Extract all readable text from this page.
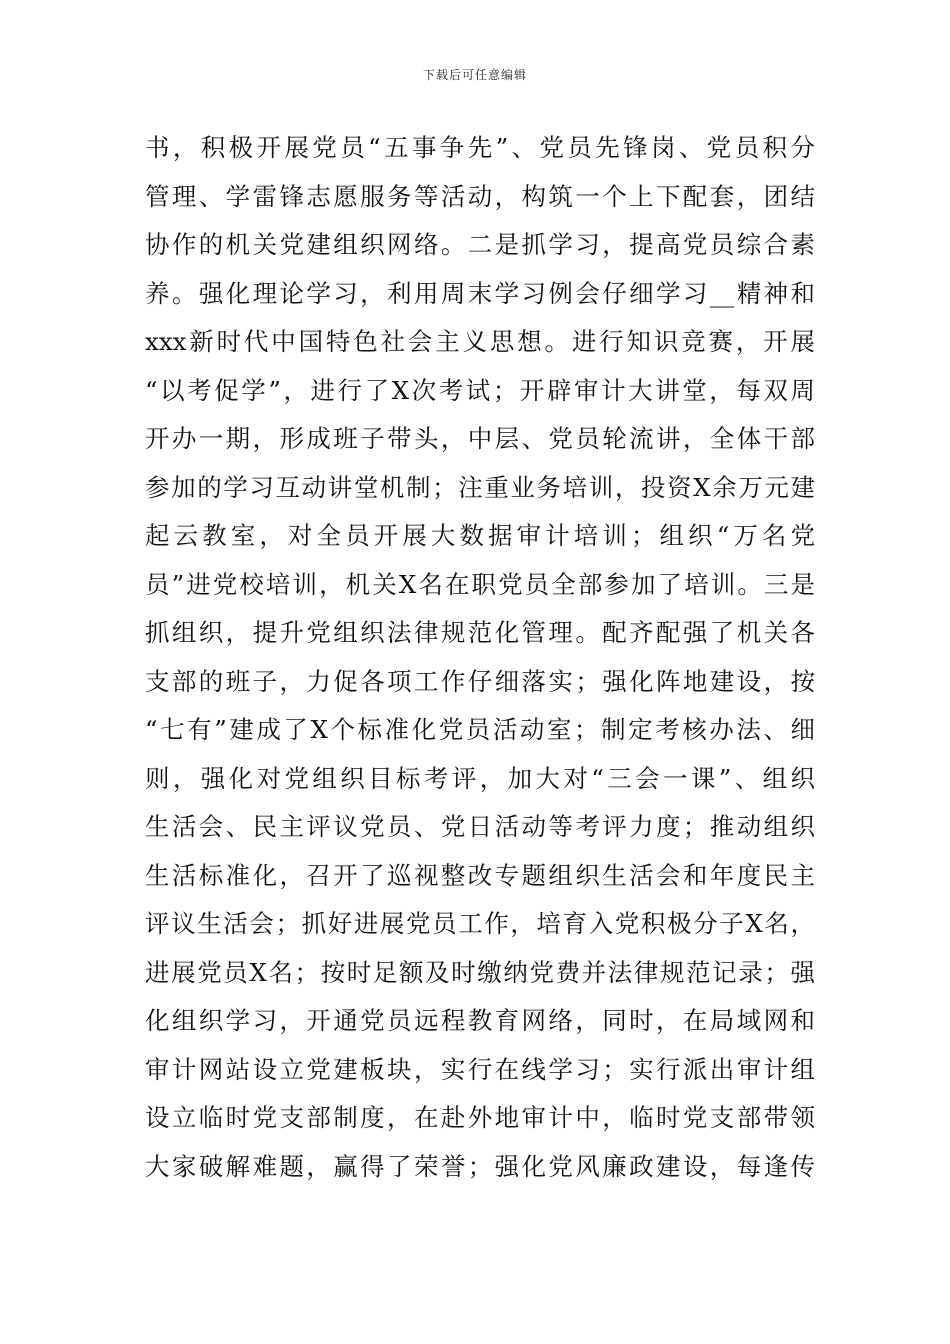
下载后可任意编辑
书，积极开展党员“五事争先”、党员先锋岗、党员积分
管理、学雷锋志愿服务等活动，构筑一个上下配套，团结
协作的机关党建组织网络。二是抓学习，提高党员综合素
养。强化理论学习，利用周末学习例会仔细学习__精神和
xxx新时代中国特色社会主义思想。进行知识竞赛，开展
“以考促学”，进行了X次考试；开辟审计大讲堂，每双周
开办一期，形成班子带头，中层、党员轮流讲，全体干部
参加的学习互动讲堂机制；注重业务培训，投资X余万元建
起云教室，对全员开展大数据审计培训；组织“万名党
员”进党校培训，机关X名在职党员全部参加了培训。三是
抓组织，提升党组织法律规范化管理。配齐配强了机关各
支部的班子，力促各项工作仔细落实；强化阵地建设，按
“七有”建成了X个标准化党员活动室；制定考核办法、细
则，强化对党组织目标考评，加大对“三会一课”、组织
生活会、民主评议党员、党日活动等考评力度；推动组织
生活标准化，召开了巡视整改专题组织生活会和年度民主
评议生活会；抓好进展党员工作，培育入党积极分子X名，
进展党员X名；按时足额及时缴纳党费并法律规范记录；强
化组织学习，开通党员远程教育网络，同时，在局域网和
审计网站设立党建板块，实行在线学习；实行派出审计组
设立临时党支部制度，在赴外地审计中，临时党支部带领
大家破解难题，赢得了荣誉；强化党风廉政建设，每逢传
